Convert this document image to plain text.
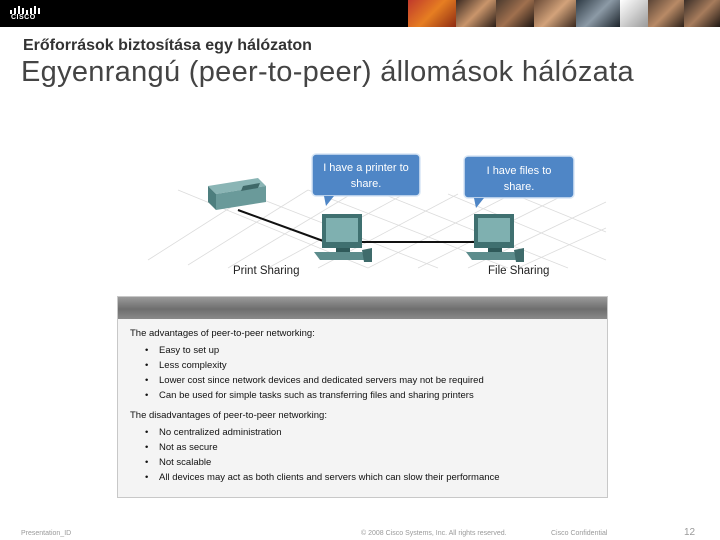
CISCO
Erőforrások biztosítása egy hálózaton
Egyenrangú (peer-to-peer) állomások hálózata
I have a printer to
share.
I have files to
share.
Print Sharing	File Sharing
The advantages of peer-to-peer networking:
• Easy to set up
• Less complexity
• Lower cost since network devices and dedicated servers may not be required
• Can be used for simple tasks such as transferring files and sharing printers
The disadvantages of peer-to-peer networking:
• No centralized administration
• Not as secure
• Not scalable
• All devices may act as both clients and servers which can slow their performance
Presentation_ID	© 2008 Cisco Systems, Inc. All rights reserved.	Cisco Confidential	12
